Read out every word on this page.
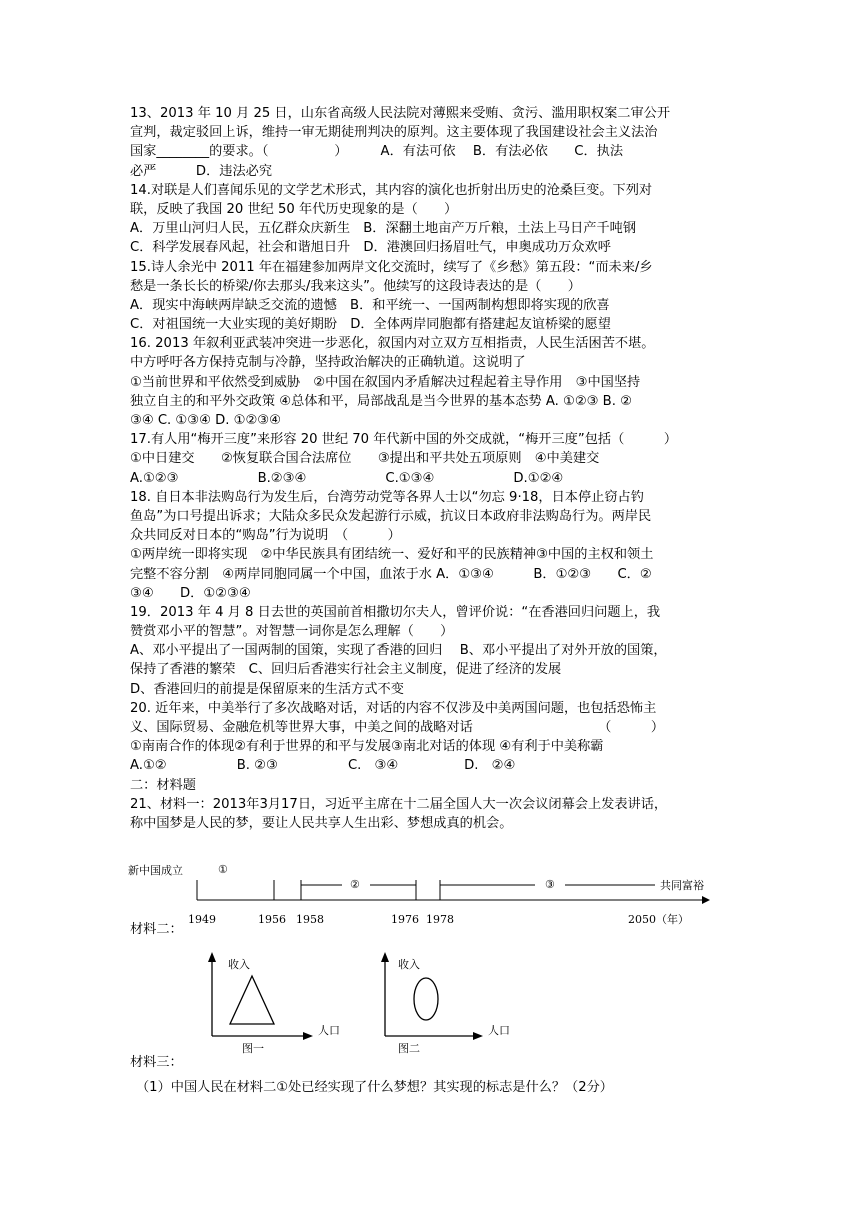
13、2013 年 10 月 25 日，山东省高级人民法院对薄熙来受贿、贪污、滥用职权案二审公开
宣判，裁定驳回上诉，维持一审无期徒刑判决的原判。这主要体现了我国建设社会主义法治
国家________的要求。（　　　　　）　　　A．有法可依　 B．有法必依　　C．执法
必严　　　D．违法必究
14.对联是人们喜闻乐见的文学艺术形式，其内容的演化也折射出历史的沧桑巨变。下列对
联，反映了我国 20 世纪 50 年代历史现象的是（　　）
A．万里山河归人民，五亿群众庆新生　B．深翻土地亩产万斤粮，土法上马日产千吨钢
C．科学发展春风起，社会和谐旭日升　D．港澳回归扬眉吐气，申奥成功万众欢呼
15.诗人余光中 2011 年在福建参加两岸文化交流时，续写了《乡愁》第五段：“而未来/乡
愁是一条长长的桥梁/你去那头/我来这头”。他续写的这段诗表达的是（　　）
A．现实中海峡两岸缺乏交流的遗憾　B．和平统一、一国两制构想即将实现的欣喜
C．对祖国统一大业实现的美好期盼　D．全体两岸同胞都有搭建起友谊桥梁的愿望
16. 2013 年叙利亚武装冲突进一步恶化，叙国内对立双方互相指责，人民生活困苦不堪。
中方呼吁各方保持克制与冷静，坚持政治解决的正确轨道。这说明了
①当前世界和平依然受到威胁　②中国在叙国内矛盾解决过程起着主导作用　③中国坚持
独立自主的和平外交政策 ④总体和平，局部战乱是当今世界的基本态势 A. ①②③ B. ②
③④ C. ①③④ D. ①②③④
17.有人用“梅开三度”来形容 20 世纪 70 年代新中国的外交成就，“梅开三度”包括（　　　）
①中日建交　　②恢复联合国合法席位　　③提出和平共处五项原则　④中美建交
A.①②③　　　　　　B.②③④　　　　　　C.①③④　　　　　　D.①②④
18. 自日本非法购岛行为发生后，台湾劳动党等各界人士以“勿忘 9·18，日本停止窃占钓
鱼岛”为口号提出诉求；大陆众多民众发起游行示威，抗议日本政府非法购岛行为。两岸民
众共同反对日本的“购岛”行为说明　（　　　）
①两岸统一即将实现　②中华民族具有团结统一、爱好和平的民族精神③中国的主权和领土
完整不容分割　④两岸同胞同属一个中国，血浓于水 A．①③④　　　B．①②③　　C．②
③④　　D．①②③④
19．2013 年 4 月 8 日去世的英国前首相撒切尔夫人，曾评价说：“在香港回归问题上，我
赞赏邓小平的智慧”。对智慧一词你是怎么理解（　　）
A、邓小平提出了一国两制的国策，实现了香港的回归　 B、邓小平提出了对外开放的国策，
保持了香港的繁荣　C、回归后香港实行社会主义制度，促进了经济的发展
D、香港回归的前提是保留原来的生活方式不变
20. 近年来，中美举行了多次战略对话，对话的内容不仅涉及中美两国问题，也包括恐怖主
义、国际贸易、金融危机等世界大事，中美之间的战略对话　　　　　　　　　　（　　　）
①南南合作的体现②有利于世界的和平与发展③南北对话的体现 ④有利于中美称霸
A.①②　　　　　 B. ②③　　　　　 C.　③④　　　　　D.　②④
二：材料题
21、材料一：2013年3月17日，习近平主席在十二届全国人大一次会议闭幕会上发表讲话，
称中国梦是人民的梦，要让人民共享人生出彩、梦想成真的机会。
新中国成立	①
②	③	共同富裕
1949	1956 1958	1976 1978	2050（年）
材料二：
收入
人口
图一
收入
人口
图二
材料三：
（1）中国人民在材料二①处已经实现了什么梦想？其实现的标志是什么？（2分）
